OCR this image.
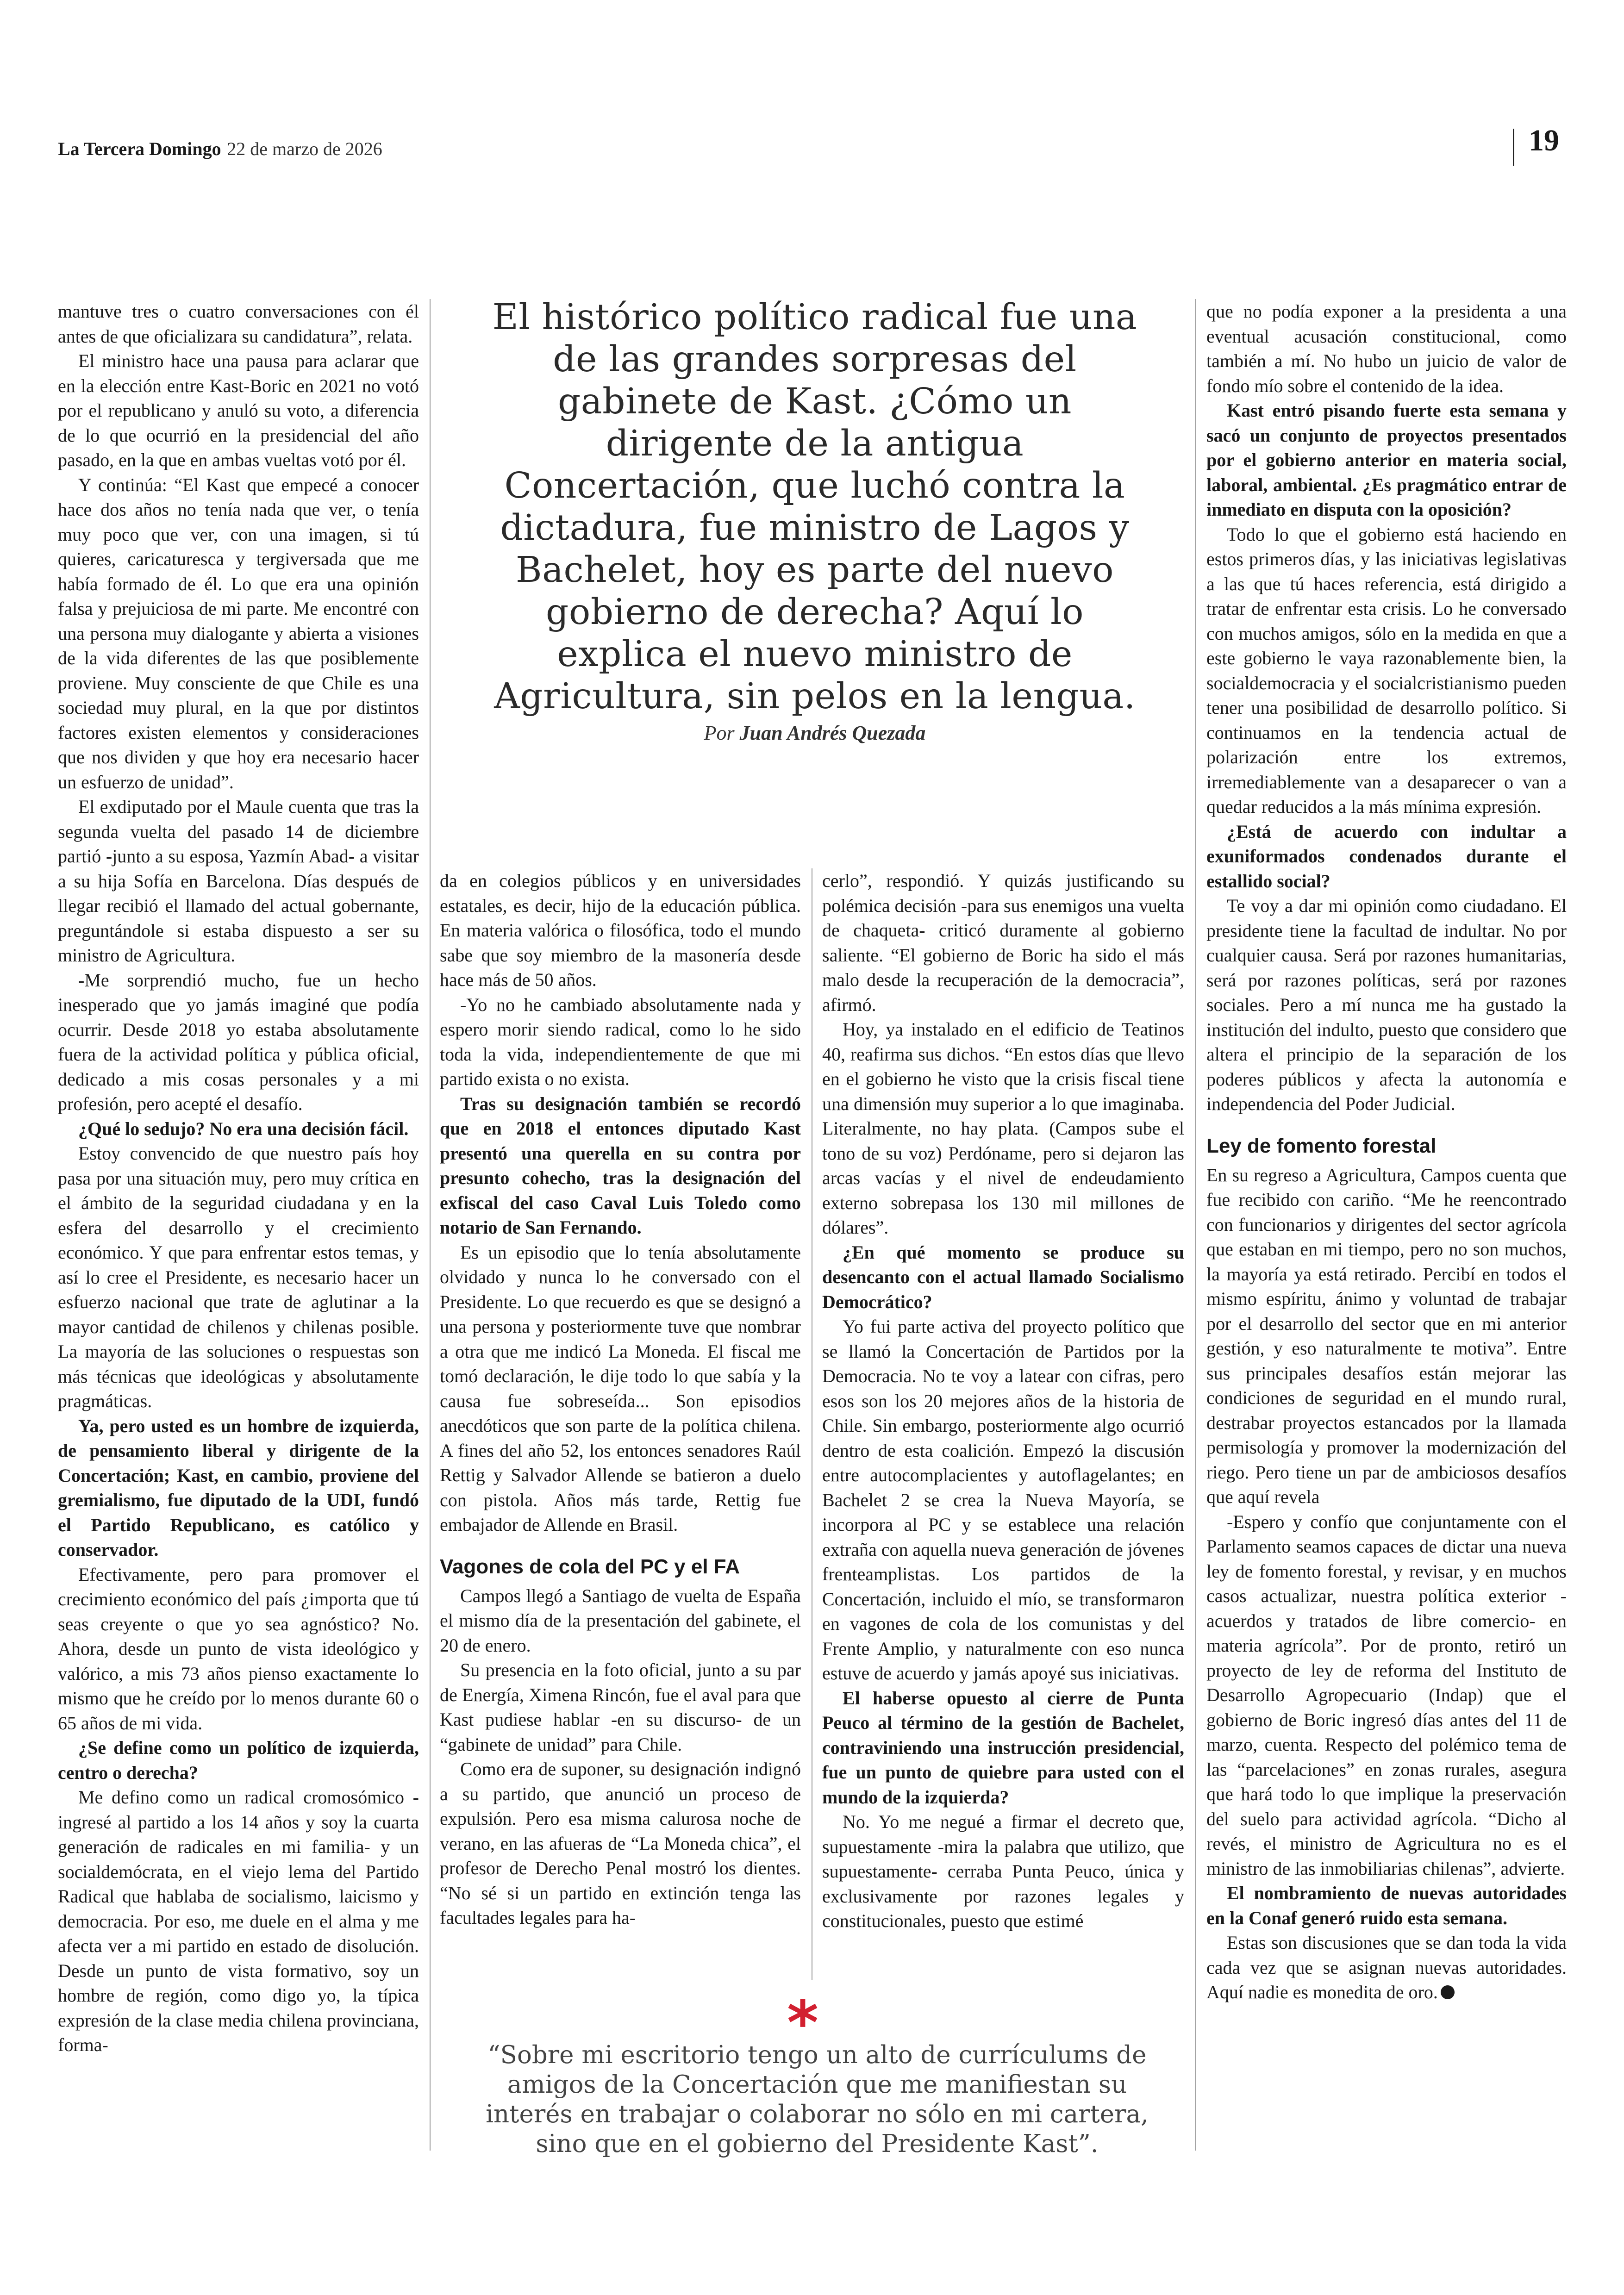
La Tercera Domingo 22 de marzo de 2026	19
El histórico político radical fue una de las grandes sorpresas del gabinete de Kast. ¿Cómo un dirigente de la antigua Concertación, que luchó contra la dictadura, fue ministro de Lagos y Bachelet, hoy es parte del nuevo gobierno de derecha? Aquí lo explica el nuevo ministro de Agricultura, sin pelos en la lengua.
Por Juan Andrés Quezada

mantuve tres o cuatro conversaciones con él antes de que oficializara su candidatura”, relata.

El ministro hace una pausa para aclarar que en la elección entre Kast-Boric en 2021 no votó por el republicano y anuló su voto, a diferencia de lo que ocurrió en la presidencial del año pasado, en la que en ambas vueltas votó por él.

Y continúa: “El Kast que empecé a conocer hace dos años no tenía nada que ver, o tenía muy poco que ver, con una imagen, si tú quieres, caricaturesca y tergiversada que me había formado de él. Lo que era una opinión falsa y prejuiciosa de mi parte. Me encontré con una persona muy dialogante y abierta a visiones de la vida diferentes de las que posiblemente proviene. Muy consciente de que Chile es una sociedad muy plural, en la que por distintos factores existen elementos y consideraciones que nos dividen y que hoy era necesario hacer un esfuerzo de unidad”.

El exdiputado por el Maule cuenta que tras la segunda vuelta del pasado 14 de diciembre partió -junto a su esposa, Yazmín Abad- a visitar a su hija Sofía en Barcelona. Días después de llegar recibió el llamado del actual gobernante, preguntándole si estaba dispuesto a ser su ministro de Agricultura.

-Me sorprendió mucho, fue un hecho inesperado que yo jamás imaginé que podía ocurrir. Desde 2018 yo estaba absolutamente fuera de la actividad política y pública oficial, dedicado a mis cosas personales y a mi profesión, pero acepté el desafío.

¿Qué lo sedujo? No era una decisión fácil.

Estoy convencido de que nuestro país hoy pasa por una situación muy, pero muy crítica en el ámbito de la seguridad ciudadana y en la esfera del desarrollo y el crecimiento económico. Y que para enfrentar estos temas, y así lo cree el Presidente, es necesario hacer un esfuerzo nacional que trate de aglutinar a la mayor cantidad de chilenos y chilenas posible. La mayoría de las soluciones o respuestas son más técnicas que ideológicas y absolutamente pragmáticas.

Ya, pero usted es un hombre de izquierda, de pensamiento liberal y dirigente de la Concertación; Kast, en cambio, proviene del gremialismo, fue diputado de la UDI, fundó el Partido Republicano, es católico y conservador.

Efectivamente, pero para promover el crecimiento económico del país ¿importa que tú seas creyente o que yo sea agnóstico? No. Ahora, desde un punto de vista ideológico y valórico, a mis 73 años pienso exactamente lo mismo que he creído por lo menos durante 60 o 65 años de mi vida.

¿Se define como un político de izquierda, centro o derecha?

Me defino como un radical cromosómico -ingresé al partido a los 14 años y soy la cuarta generación de radicales en mi familia- y un socialdemócrata, en el viejo lema del Partido Radical que hablaba de socialismo, laicismo y democracia. Por eso, me duele en el alma y me afecta ver a mi partido en estado de disolución. Desde un punto de vista formativo, soy un hombre de región, como digo yo, la típica expresión de la clase media chilena provinciana, forma-

da en colegios públicos y en universidades estatales, es decir, hijo de la educación pública. En materia valórica o filosófica, todo el mundo sabe que soy miembro de la masonería desde hace más de 50 años.

-Yo no he cambiado absolutamente nada y espero morir siendo radical, como lo he sido toda la vida, independientemente de que mi partido exista o no exista.

Tras su designación también se recordó que en 2018 el entonces diputado Kast presentó una querella en su contra por presunto cohecho, tras la designación del exfiscal del caso Caval Luis Toledo como notario de San Fernando.

Es un episodio que lo tenía absolutamente olvidado y nunca lo he conversado con el Presidente. Lo que recuerdo es que se designó a una persona y posteriormente tuve que nombrar a otra que me indicó La Moneda. El fiscal me tomó declaración, le dije todo lo que sabía y la causa fue sobreseída... Son episodios anecdóticos que son parte de la política chilena. A fines del año 52, los entonces senadores Raúl Rettig y Salvador Allende se batieron a duelo con pistola. Años más tarde, Rettig fue embajador de Allende en Brasil.

Vagones de cola del PC y el FA

Campos llegó a Santiago de vuelta de España el mismo día de la presentación del gabinete, el 20 de enero.

Su presencia en la foto oficial, junto a su par de Energía, Ximena Rincón, fue el aval para que Kast pudiese hablar -en su discurso- de un “gabinete de unidad” para Chile.

Como era de suponer, su designación indignó a su partido, que anunció un proceso de expulsión. Pero esa misma calurosa noche de verano, en las afueras de “La Moneda chica”, el profesor de Derecho Penal mostró los dientes. “No sé si un partido en extinción tenga las facultades legales para ha-

cerlo”, respondió. Y quizás justificando su polémica decisión -para sus enemigos una vuelta de chaqueta- criticó duramente al gobierno saliente. “El gobierno de Boric ha sido el más malo desde la recuperación de la democracia”, afirmó.

Hoy, ya instalado en el edificio de Teatinos 40, reafirma sus dichos. “En estos días que llevo en el gobierno he visto que la crisis fiscal tiene una dimensión muy superior a lo que imaginaba. Literalmente, no hay plata. (Campos sube el tono de su voz) Perdóname, pero si dejaron las arcas vacías y el nivel de endeudamiento externo sobrepasa los 130 mil millones de dólares”.

¿En qué momento se produce su desencanto con el actual llamado Socialismo Democrático?

Yo fui parte activa del proyecto político que se llamó la Concertación de Partidos por la Democracia. No te voy a latear con cifras, pero esos son los 20 mejores años de la historia de Chile. Sin embargo, posteriormente algo ocurrió dentro de esta coalición. Empezó la discusión entre autocomplacientes y autoflagelantes; en Bachelet 2 se crea la Nueva Mayoría, se incorpora al PC y se establece una relación extraña con aquella nueva generación de jóvenes frenteamplistas. Los partidos de la Concertación, incluido el mío, se transformaron en vagones de cola de los comunistas y del Frente Amplio, y naturalmente con eso nunca estuve de acuerdo y jamás apoyé sus iniciativas.

El haberse opuesto al cierre de Punta Peuco al término de la gestión de Bachelet, contraviniendo una instrucción presidencial, fue un punto de quiebre para usted con el mundo de la izquierda?

No. Yo me negué a firmar el decreto que, supuestamente -mira la palabra que utilizo, que supuestamente- cerraba Punta Peuco, única y exclusivamente por razones legales y constitucionales, puesto que estimé

que no podía exponer a la presidenta a una eventual acusación constitucional, como también a mí. No hubo un juicio de valor de fondo mío sobre el contenido de la idea.

Kast entró pisando fuerte esta semana y sacó un conjunto de proyectos presentados por el gobierno anterior en materia social, laboral, ambiental. ¿Es pragmático entrar de inmediato en disputa con la oposición?

Todo lo que el gobierno está haciendo en estos primeros días, y las iniciativas legislativas a las que tú haces referencia, está dirigido a tratar de enfrentar esta crisis. Lo he conversado con muchos amigos, sólo en la medida en que a este gobierno le vaya razonablemente bien, la socialdemocracia y el socialcristianismo pueden tener una posibilidad de desarrollo político. Si continuamos en la tendencia actual de polarización entre los extremos, irremediablemente van a desaparecer o van a quedar reducidos a la más mínima expresión.

¿Está de acuerdo con indultar a exuniformados condenados durante el estallido social?

Te voy a dar mi opinión como ciudadano. El presidente tiene la facultad de indultar. No por cualquier causa. Será por razones humanitarias, será por razones políticas, será por razones sociales. Pero a mí nunca me ha gustado la institución del indulto, puesto que considero que altera el principio de la separación de los poderes públicos y afecta la autonomía e independencia del Poder Judicial.

Ley de fomento forestal

En su regreso a Agricultura, Campos cuenta que fue recibido con cariño. “Me he reencontrado con funcionarios y dirigentes del sector agrícola que estaban en mi tiempo, pero no son muchos, la mayoría ya está retirado. Percibí en todos el mismo espíritu, ánimo y voluntad de trabajar por el desarrollo del sector que en mi anterior gestión, y eso naturalmente te motiva”. Entre sus principales desafíos están mejorar las condiciones de seguridad en el mundo rural, destrabar proyectos estancados por la llamada permisología y promover la modernización del riego. Pero tiene un par de ambiciosos desafíos que aquí revela

-Espero y confío que conjuntamente con el Parlamento seamos capaces de dictar una nueva ley de fomento forestal, y revisar, y en muchos casos actualizar, nuestra política exterior -acuerdos y tratados de libre comercio- en materia agrícola”. Por de pronto, retiró un proyecto de ley de reforma del Instituto de Desarrollo Agropecuario (Indap) que el gobierno de Boric ingresó días antes del 11 de marzo, cuenta. Respecto del polémico tema de las “parcelaciones” en zonas rurales, asegura que hará todo lo que implique la preservación del suelo para actividad agrícola. “Dicho al revés, el ministro de Agricultura no es el ministro de las inmobiliarias chilenas”, advierte.

El nombramiento de nuevas autoridades en la Conaf generó ruido esta semana.

Estas son discusiones que se dan toda la vida cada vez que se asignan nuevas autoridades. Aquí nadie es monedita de oro.

*
“Sobre mi escritorio tengo un alto de currículums de amigos de la Concertación que me manifiestan su interés en trabajar o colaborar no sólo en mi cartera, sino que en el gobierno del Presidente Kast”.
